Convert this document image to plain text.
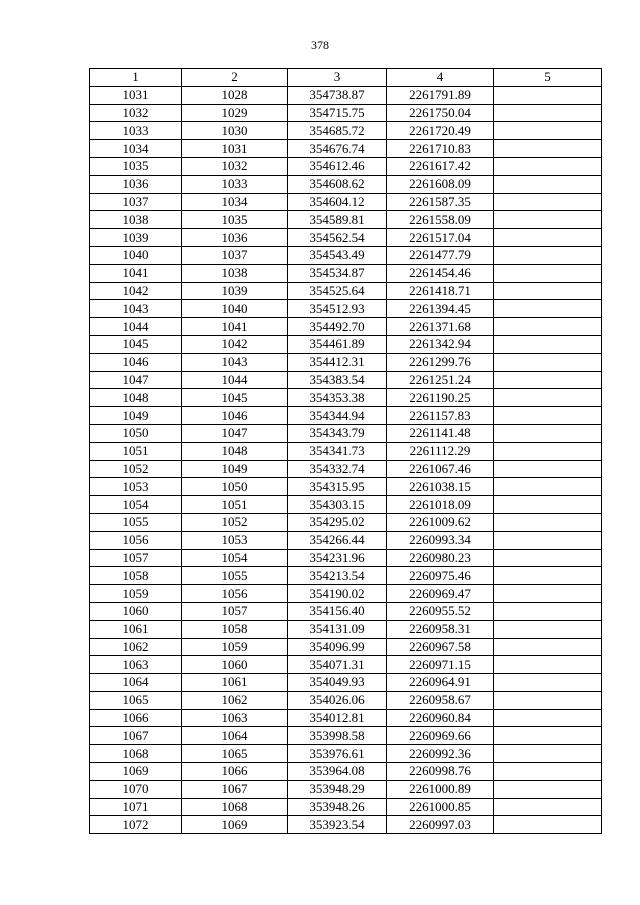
378
1	2	3	4	5
1031	1028	354738.87	2261791.89	
1032	1029	354715.75	2261750.04	
1033	1030	354685.72	2261720.49	
1034	1031	354676.74	2261710.83	
1035	1032	354612.46	2261617.42	
1036	1033	354608.62	2261608.09	
1037	1034	354604.12	2261587.35	
1038	1035	354589.81	2261558.09	
1039	1036	354562.54	2261517.04	
1040	1037	354543.49	2261477.79	
1041	1038	354534.87	2261454.46	
1042	1039	354525.64	2261418.71	
1043	1040	354512.93	2261394.45	
1044	1041	354492.70	2261371.68	
1045	1042	354461.89	2261342.94	
1046	1043	354412.31	2261299.76	
1047	1044	354383.54	2261251.24	
1048	1045	354353.38	2261190.25	
1049	1046	354344.94	2261157.83	
1050	1047	354343.79	2261141.48	
1051	1048	354341.73	2261112.29	
1052	1049	354332.74	2261067.46	
1053	1050	354315.95	2261038.15	
1054	1051	354303.15	2261018.09	
1055	1052	354295.02	2261009.62	
1056	1053	354266.44	2260993.34	
1057	1054	354231.96	2260980.23	
1058	1055	354213.54	2260975.46	
1059	1056	354190.02	2260969.47	
1060	1057	354156.40	2260955.52	
1061	1058	354131.09	2260958.31	
1062	1059	354096.99	2260967.58	
1063	1060	354071.31	2260971.15	
1064	1061	354049.93	2260964.91	
1065	1062	354026.06	2260958.67	
1066	1063	354012.81	2260960.84	
1067	1064	353998.58	2260969.66	
1068	1065	353976.61	2260992.36	
1069	1066	353964.08	2260998.76	
1070	1067	353948.29	2261000.89	
1071	1068	353948.26	2261000.85	
1072	1069	353923.54	2260997.03	
